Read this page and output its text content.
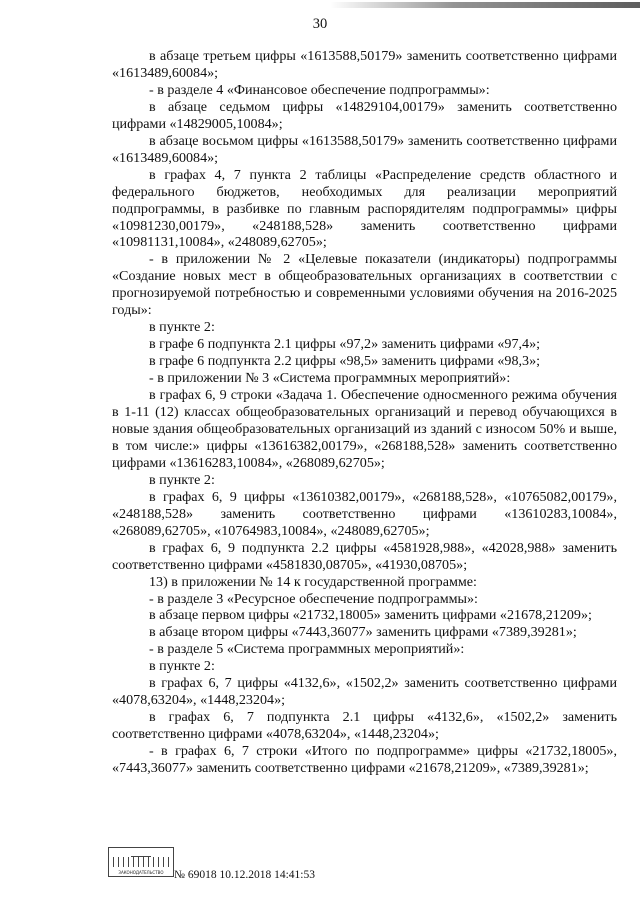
30

в абзаце третьем цифры «1613588,50179» заменить соответственно цифрами «1613489,60084»;

- в разделе 4 «Финансовое обеспечение подпрограммы»:

в абзаце седьмом цифры «14829104,00179» заменить соответственно цифрами «14829005,10084»;

в абзаце восьмом цифры «1613588,50179» заменить соответственно цифрами «1613489,60084»;

в графах 4, 7 пункта 2 таблицы «Распределение средств областного и федерального бюджетов, необходимых для реализации мероприятий подпрограммы, в разбивке по главным распорядителям подпрограммы» цифры «10981230,00179», «248188,528» заменить соответственно цифрами «10981131,10084», «248089,62705»;

- в приложении № 2 «Целевые показатели (индикаторы) подпрограммы «Создание новых мест в общеобразовательных организациях в соответствии с прогнозируемой потребностью и современными условиями обучения на 2016-2025 годы»:

в пункте 2:

в графе 6 подпункта 2.1 цифры «97,2» заменить цифрами «97,4»;

в графе 6 подпункта 2.2 цифры «98,5» заменить цифрами «98,3»;

- в приложении № 3 «Система программных мероприятий»:

в графах 6, 9 строки «Задача 1. Обеспечение односменного режима обучения в 1-11 (12) классах общеобразовательных организаций и перевод обучающихся в новые здания общеобразовательных организаций из зданий с износом 50% и выше, в том числе:» цифры «13616382,00179», «268188,528» заменить соответственно цифрами «13616283,10084», «268089,62705»;

в пункте 2:

в графах 6, 9 цифры «13610382,00179», «268188,528», «10765082,00179», «248188,528» заменить соответственно цифрами «13610283,10084», «268089,62705», «10764983,10084», «248089,62705»;

в графах 6, 9 подпункта 2.2 цифры «4581928,988», «42028,988» заменить соответственно цифрами «4581830,08705», «41930,08705»;

13) в приложении № 14 к государственной программе:

- в разделе 3 «Ресурсное обеспечение подпрограммы»:

в абзаце первом цифры «21732,18005» заменить цифрами «21678,21209»;

в абзаце втором цифры «7443,36077» заменить цифрами «7389,39281»;

- в разделе 5 «Система программных мероприятий»:

в пункте 2:

в графах 6, 7 цифры «4132,6», «1502,2» заменить соответственно цифрами «4078,63204», «1448,23204»;

в графах 6, 7 подпункта 2.1 цифры «4132,6», «1502,2» заменить соответственно цифрами «4078,63204», «1448,23204»;

- в графах 6, 7 строки «Итого по подпрограмме» цифры «21732,18005», «7443,36077» заменить соответственно цифрами «21678,21209», «7389,39281»;

ЗАКОНОДАТЕЛЬСТВО № 69018 10.12.2018 14:41:53
